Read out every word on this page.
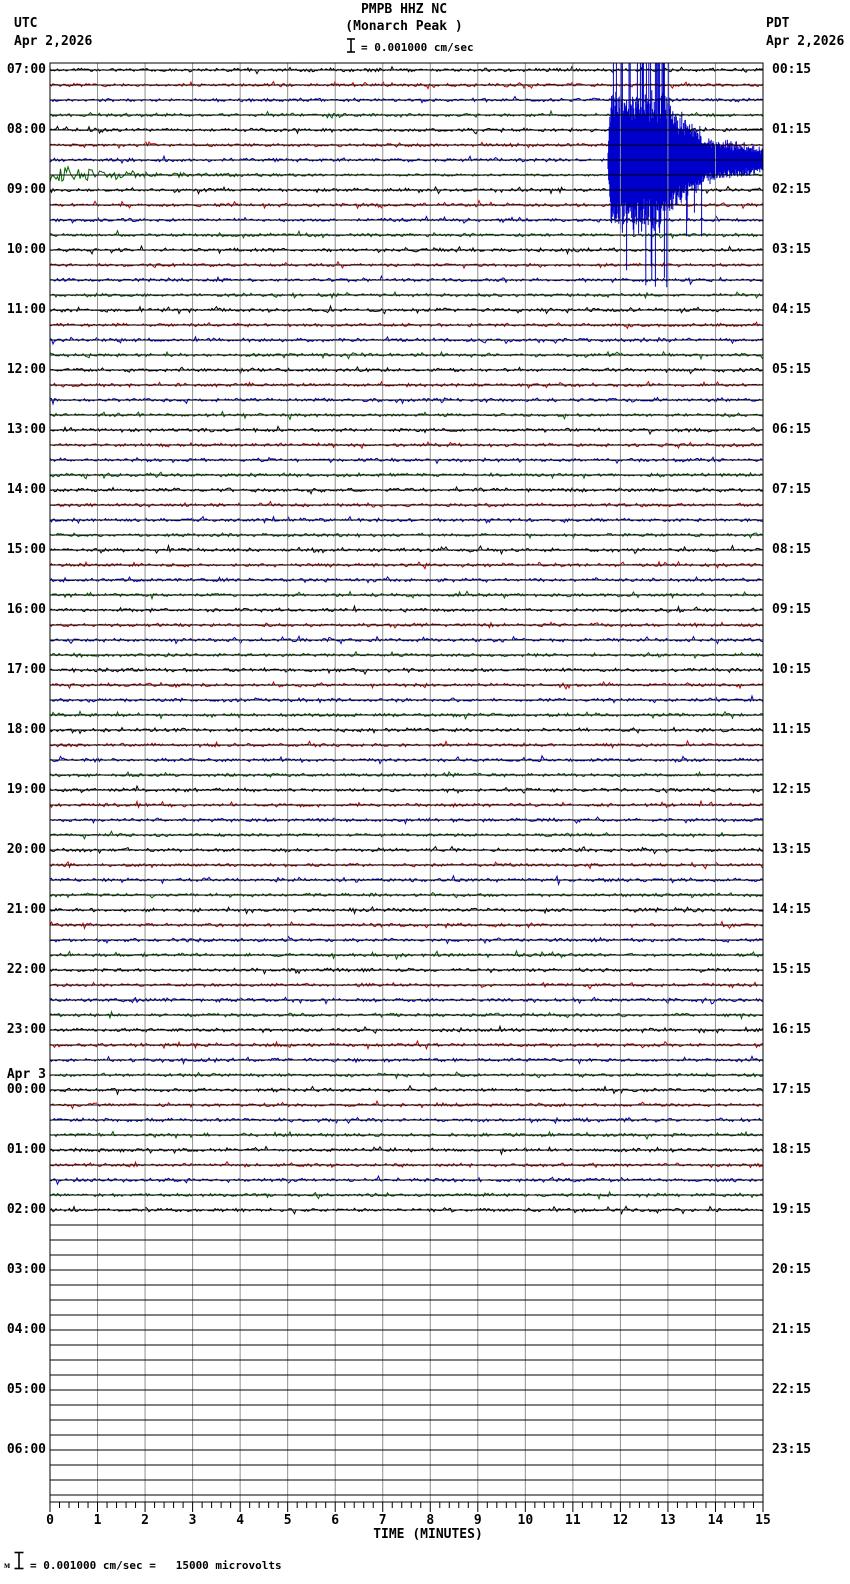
UTC
Apr 2,2026
PDT
Apr 2,2026
PMPB HHZ NC
(Monarch Peak )
= 0.001000 cm/sec
07:00
08:00
09:00
10:00
11:00
12:00
13:00
14:00
15:00
16:00
17:00
18:00
19:00
20:00
21:00
22:00
23:00
00:00
01:00
02:00
03:00
04:00
05:00
06:00
Apr 3
00:15
01:15
02:15
03:15
04:15
05:15
06:15
07:15
08:15
09:15
10:15
11:15
12:15
13:15
14:15
15:15
16:15
17:15
18:15
19:15
20:15
21:15
22:15
23:15
0	1	2	3	4	5	6	7	8	9	10 11 12 13 14 15
TIME (MINUTES)
ᴍ = 0.001000 cm/sec =   15000 microvolts
